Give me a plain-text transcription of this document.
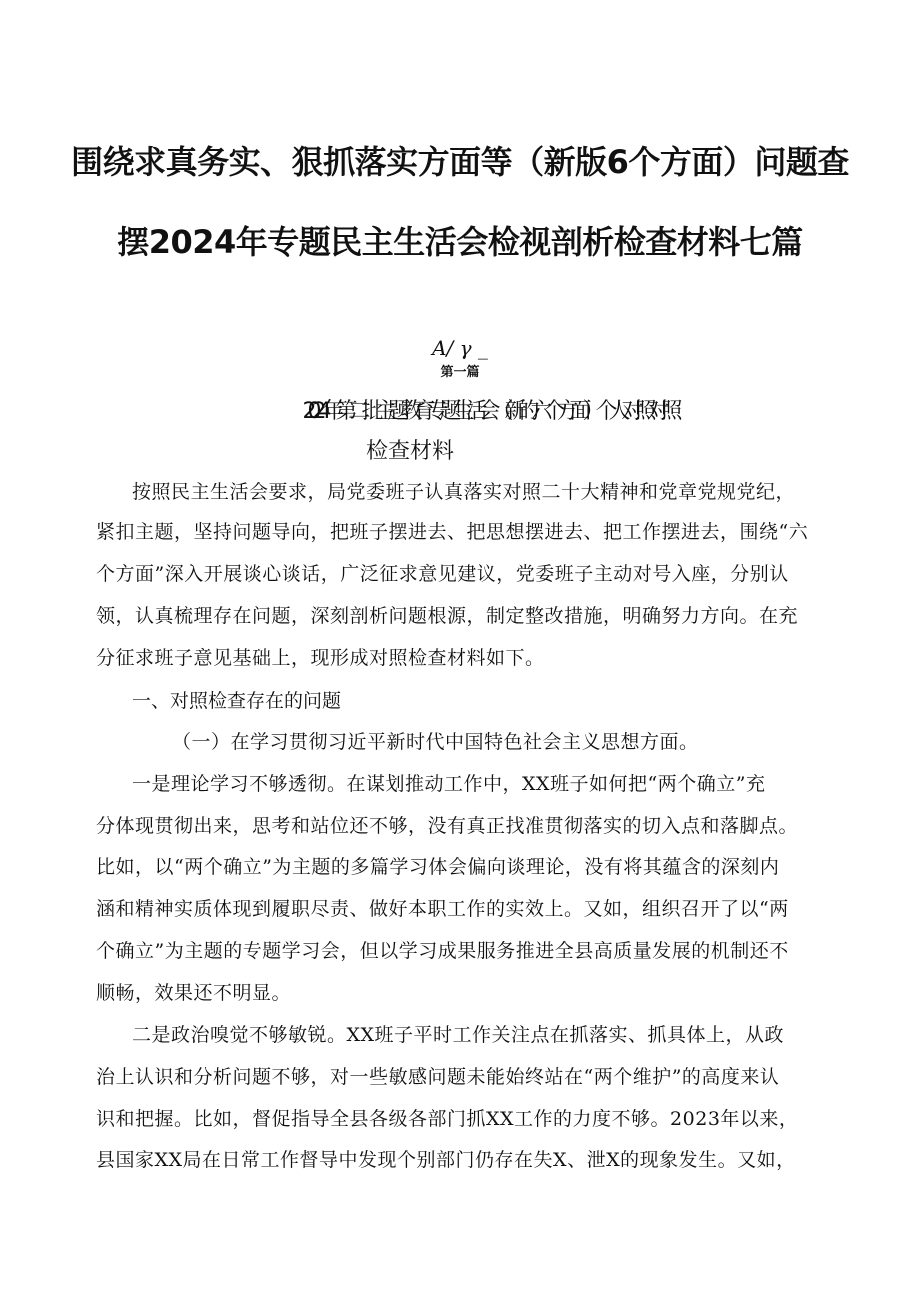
围绕求真务实、狠抓落实方面等（新版6个方面）问题查
摆2024年专题民主生活会检视剖析检查材料七篇
A∕ γ _
第一篇
2024年第二批主题教育专题生活会（新的六个方面）个人对照对照
检查材料
按照民主生活会要求，局党委班子认真落实对照二十大精神和党章党规党纪，
紧扣主题，坚持问题导向，把班子摆进去、把思想摆进去、把工作摆进去，围绕“六
个方面”深入开展谈心谈话，广泛征求意见建议，党委班子主动对号入座，分别认
领，认真梳理存在问题，深刻剖析问题根源，制定整改措施，明确努力方向。在充
分征求班子意见基础上，现形成对照检查材料如下。
一、对照检查存在的问题
（一）在学习贯彻习近平新时代中国特色社会主义思想方面。
一是理论学习不够透彻。在谋划推动工作中，XX班子如何把“两个确立”充
分体现贯彻出来，思考和站位还不够，没有真正找准贯彻落实的切入点和落脚点。
比如，以“两个确立”为主题的多篇学习体会偏向谈理论，没有将其蕴含的深刻内
涵和精神实质体现到履职尽责、做好本职工作的实效上。又如，组织召开了以“两
个确立”为主题的专题学习会，但以学习成果服务推进全县高质量发展的机制还不
顺畅，效果还不明显。
二是政治嗅觉不够敏锐。XX班子平时工作关注点在抓落实、抓具体上，从政
治上认识和分析问题不够，对一些敏感问题未能始终站在“两个维护”的高度来认
识和把握。比如，督促指导全县各级各部门抓XX工作的力度不够。2023年以来，
县国家XX局在日常工作督导中发现个别部门仍存在失X、泄X的现象发生。又如，
